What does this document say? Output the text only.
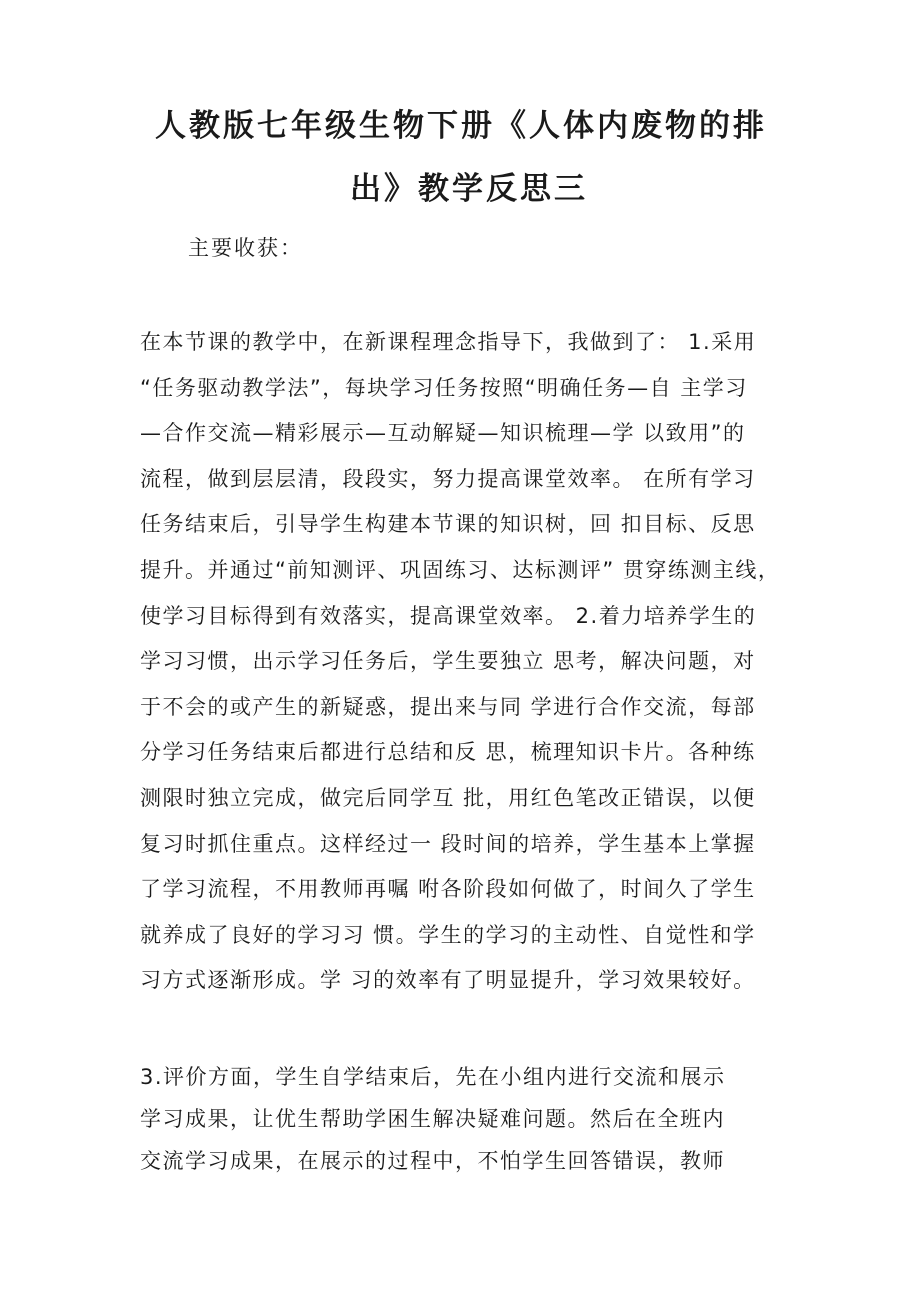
人教版七年级生物下册《人体内废物的排
出》教学反思三
主要收获：
在本节课的教学中，在新课程理念指导下，我做到了： 1.采用
“任务驱动教学法”，每块学习任务按照“明确任务—自 主学习
—合作交流—精彩展示—互动解疑—知识梳理—学 以致用”的
流程，做到层层清，段段实，努力提高课堂效率。 在所有学习
任务结束后，引导学生构建本节课的知识树，回 扣目标、反思
提升。并通过“前知测评、巩固练习、达标测评” 贯穿练测主线，
使学习目标得到有效落实，提高课堂效率。 2.着力培养学生的
学习习惯，出示学习任务后，学生要独立 思考，解决问题，对
于不会的或产生的新疑惑，提出来与同 学进行合作交流，每部
分学习任务结束后都进行总结和反 思，梳理知识卡片。各种练
测限时独立完成，做完后同学互 批，用红色笔改正错误，以便
复习时抓住重点。这样经过一 段时间的培养，学生基本上掌握
了学习流程，不用教师再嘱 咐各阶段如何做了，时间久了学生
就养成了良好的学习习 惯。学生的学习的主动性、自觉性和学
习方式逐渐形成。学 习的效率有了明显提升，学习效果较好。
3.评价方面，学生自学结束后，先在小组内进行交流和展示
学习成果，让优生帮助学困生解决疑难问题。然后在全班内
交流学习成果，在展示的过程中，不怕学生回答错误，教师
